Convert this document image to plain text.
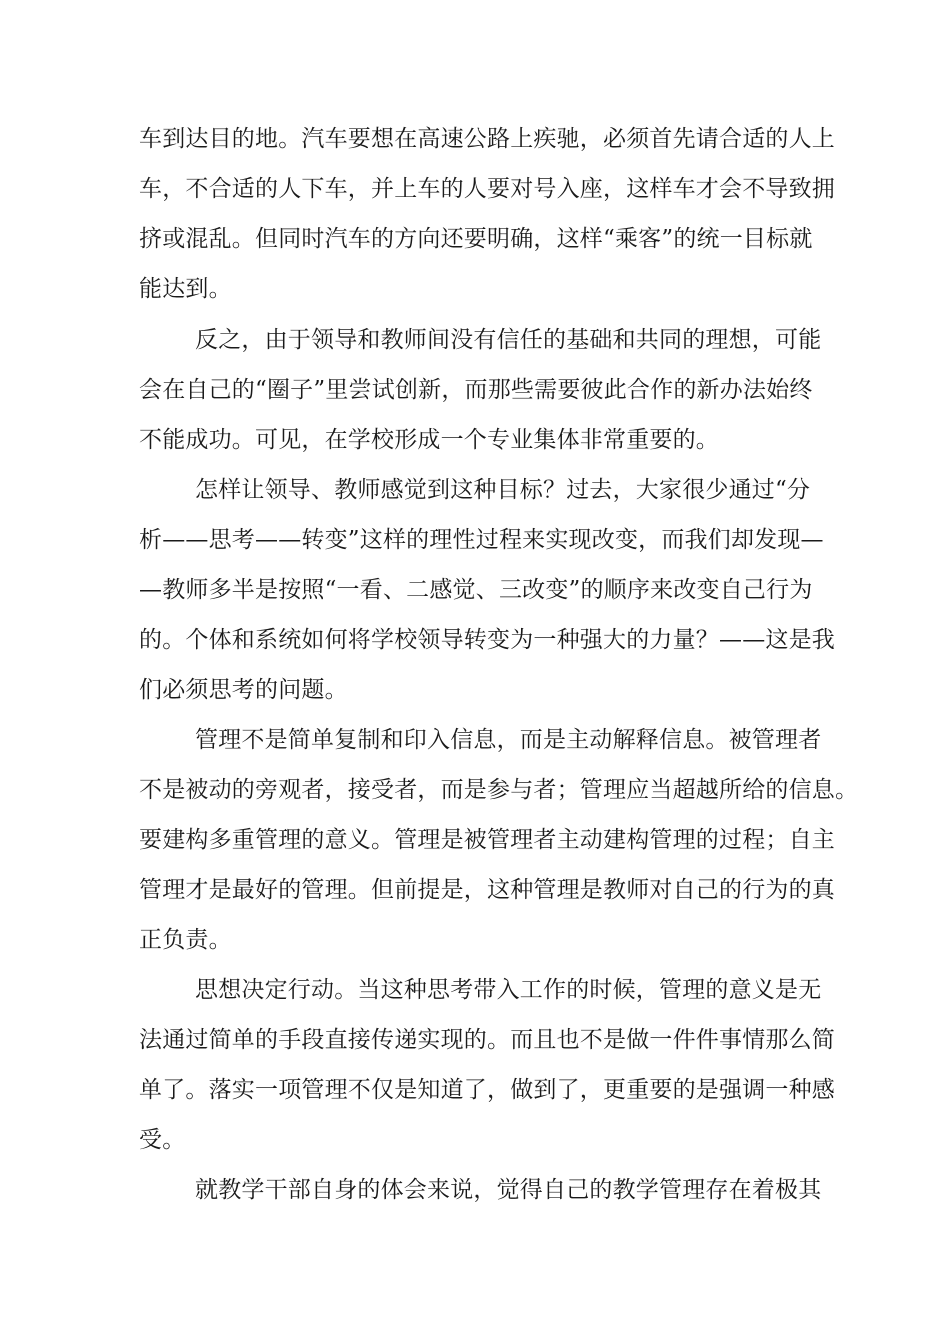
车到达目的地。汽车要想在高速公路上疾驰，必须首先请合适的人上
车，不合适的人下车，并上车的人要对号入座，这样车才会不导致拥
挤或混乱。但同时汽车的方向还要明确，这样“乘客”的统一目标就
能达到。
反之，由于领导和教师间没有信任的基础和共同的理想，可能
会在自己的“圈子”里尝试创新，而那些需要彼此合作的新办法始终
不能成功。可见，在学校形成一个专业集体非常重要的。
怎样让领导、教师感觉到这种目标？过去，大家很少通过“分
析——思考——转变”这样的理性过程来实现改变，而我们却发现—
—教师多半是按照“一看、二感觉、三改变”的顺序来改变自己行为
的。个体和系统如何将学校领导转变为一种强大的力量？——这是我
们必须思考的问题。
管理不是简单复制和印入信息，而是主动解释信息。被管理者
不是被动的旁观者，接受者，而是参与者；管理应当超越所给的信息。
要建构多重管理的意义。管理是被管理者主动建构管理的过程；自主
管理才是最好的管理。但前提是，这种管理是教师对自己的行为的真
正负责。
思想决定行动。当这种思考带入工作的时候，管理的意义是无
法通过简单的手段直接传递实现的。而且也不是做一件件事情那么简
单了。落实一项管理不仅是知道了，做到了，更重要的是强调一种感
受。
就教学干部自身的体会来说，觉得自己的教学管理存在着极其
